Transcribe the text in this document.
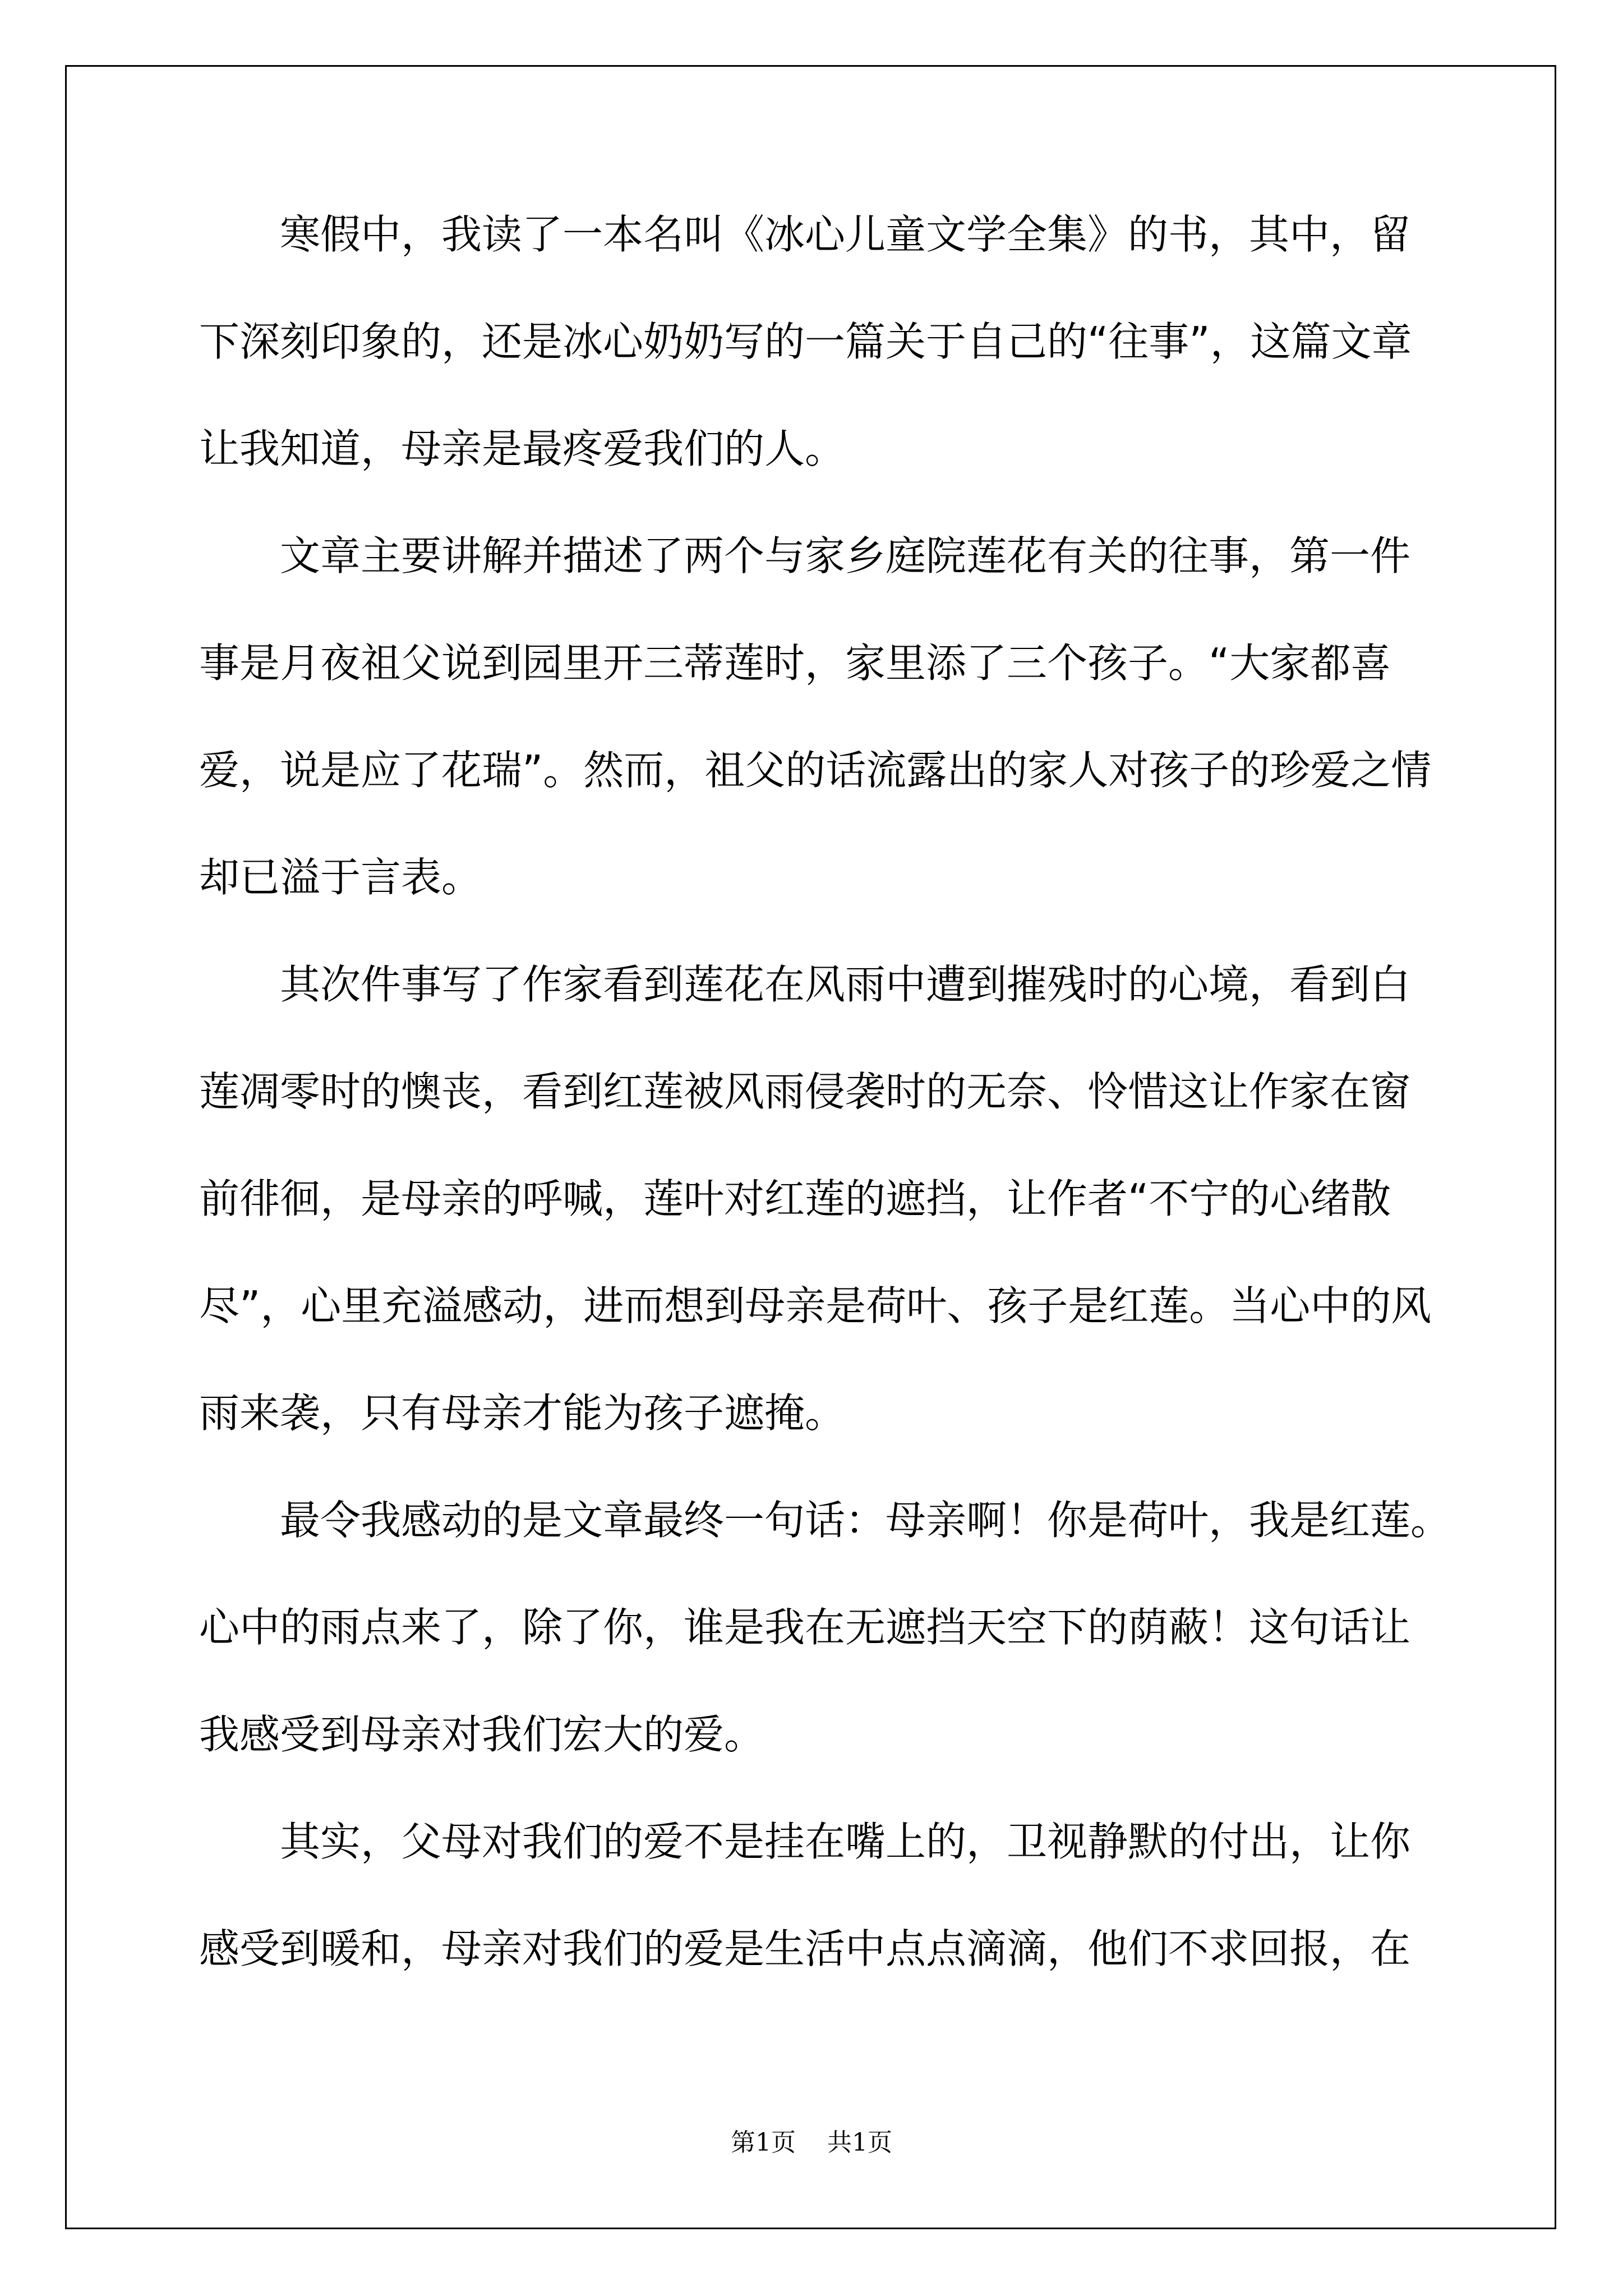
寒假中，我读了一本名叫《冰心儿童文学全集》的书，其中，留
下深刻印象的，还是冰心奶奶写的一篇关于自己的“往事”，这篇文章
让我知道，母亲是最疼爱我们的人。
文章主要讲解并描述了两个与家乡庭院莲花有关的往事，第一件
事是月夜祖父说到园里开三蒂莲时，家里添了三个孩子。“大家都喜
爱，说是应了花瑞”。然而，祖父的话流露出的家人对孩子的珍爱之情
却已溢于言表。
其次件事写了作家看到莲花在风雨中遭到摧残时的心境，看到白
莲凋零时的懊丧，看到红莲被风雨侵袭时的无奈、怜惜这让作家在窗
前徘徊，是母亲的呼喊，莲叶对红莲的遮挡，让作者“不宁的心绪散
尽”，心里充溢感动，进而想到母亲是荷叶、孩子是红莲。当心中的风
雨来袭，只有母亲才能为孩子遮掩。
最令我感动的是文章最终一句话：母亲啊！你是荷叶，我是红莲。
心中的雨点来了，除了你，谁是我在无遮挡天空下的荫蔽！这句话让
我感受到母亲对我们宏大的爱。
其实，父母对我们的爱不是挂在嘴上的，卫视静默的付出，让你
感受到暖和，母亲对我们的爱是生活中点点滴滴，他们不求回报，在
第1页    共1页
